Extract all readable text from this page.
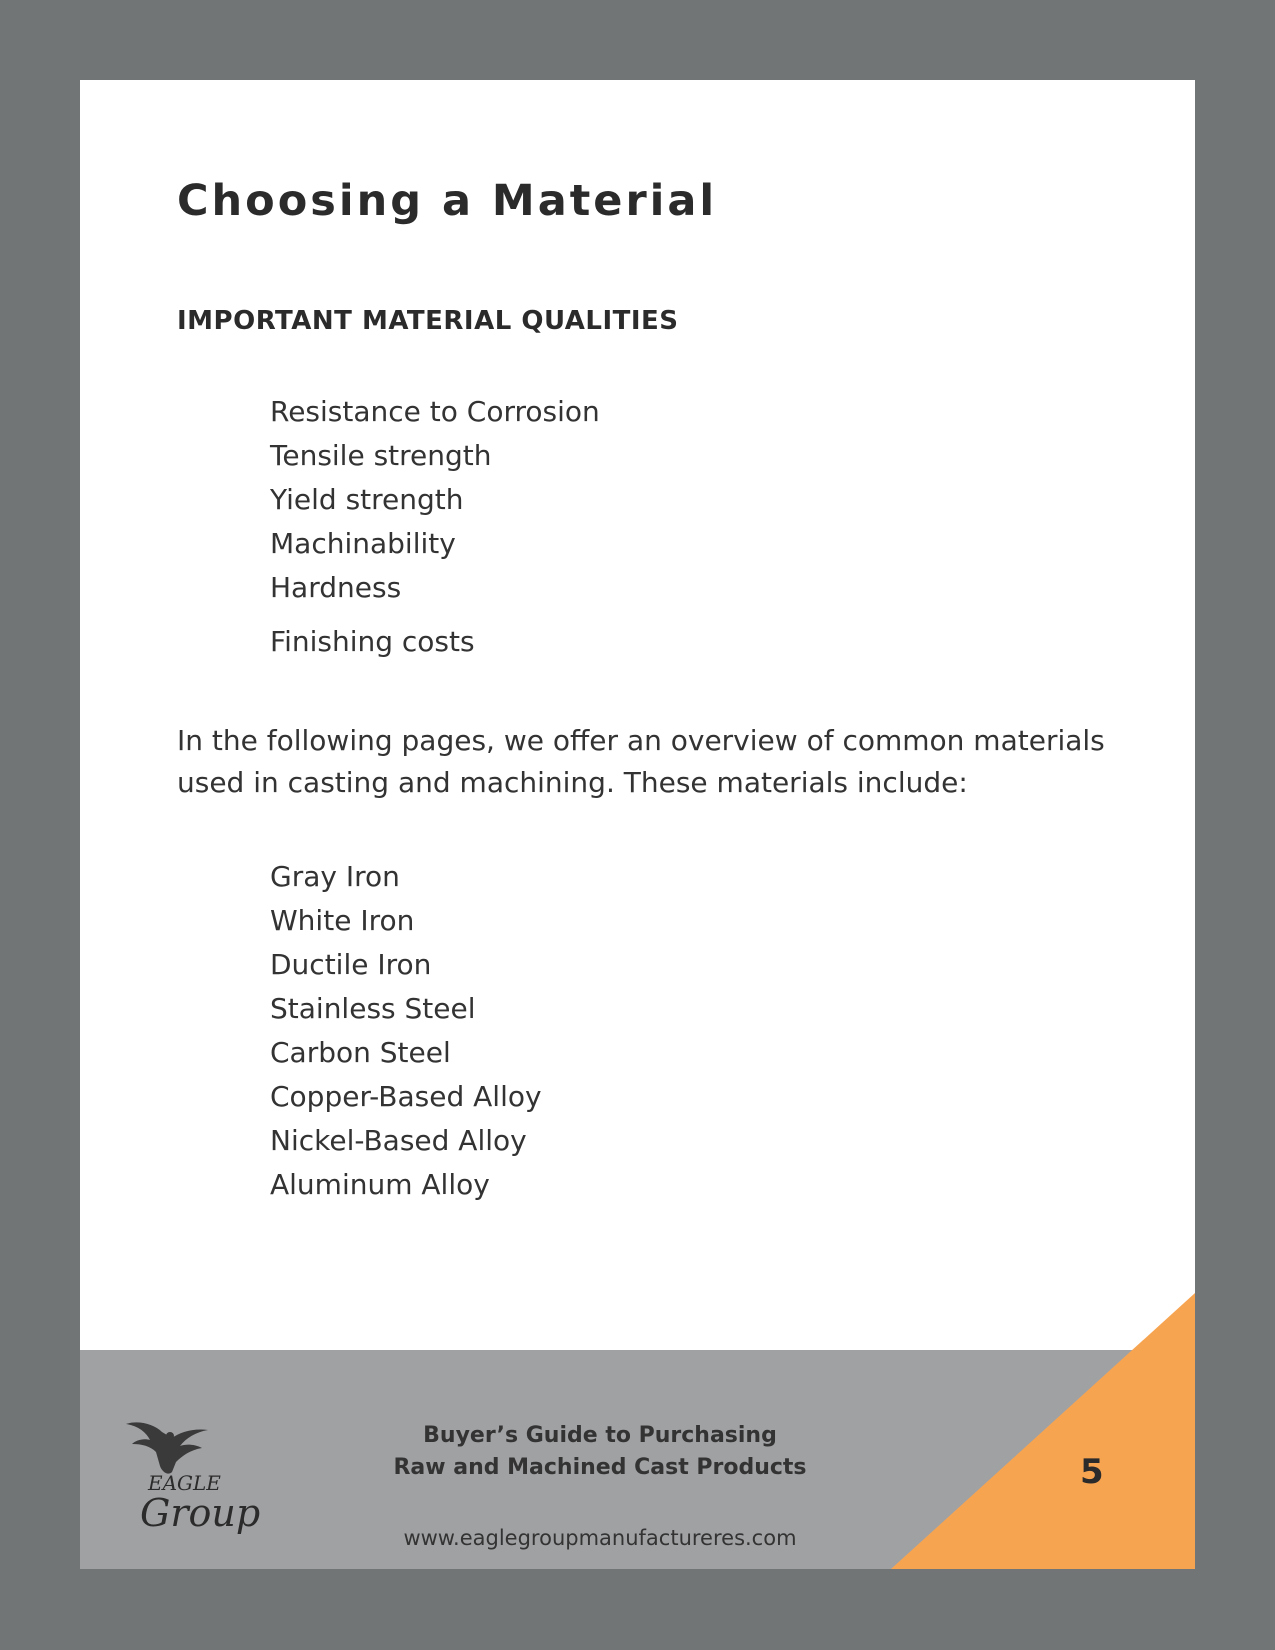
Choosing a Material
IMPORTANT MATERIAL QUALITIES
Resistance to Corrosion
Tensile strength
Yield strength
Machinability
Hardness
Finishing costs

In the following pages, we offer an overview of common materials used in casting and machining. These materials include:

Gray Iron
White Iron
Ductile Iron
Stainless Steel
Carbon Steel
Copper-Based Alloy
Nickel-Based Alloy
Aluminum Alloy
EAGLE
Group

Buyer’s Guide to Purchasing
Raw and Machined Cast Products

www.eaglegroupmanufactureres.com

5
